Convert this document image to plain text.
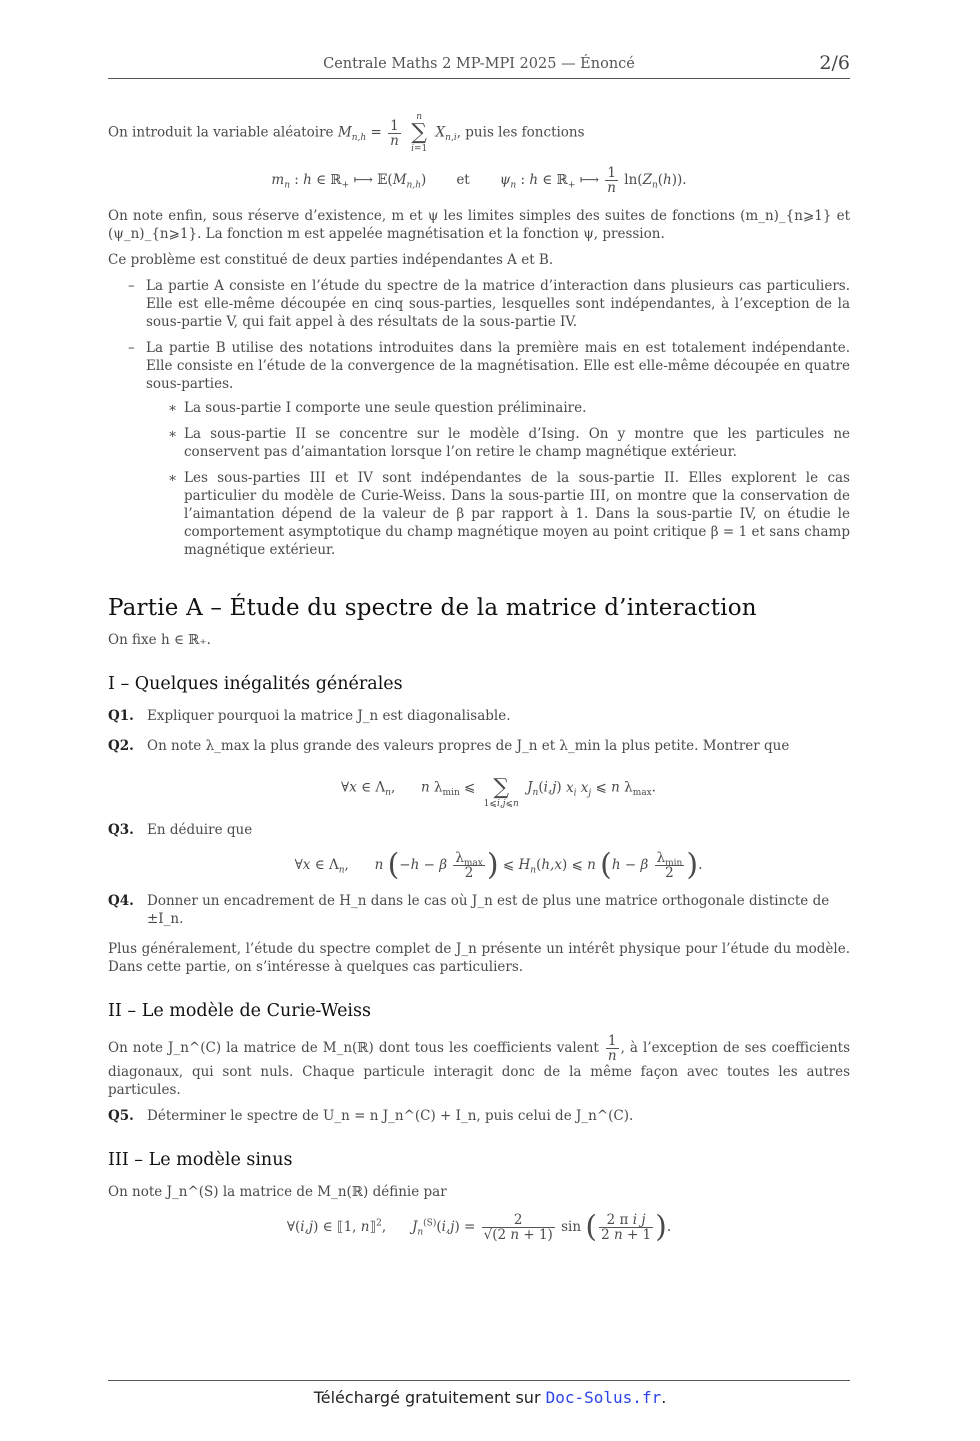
Centrale Maths 2 MP-MPI 2025 — Énoncé	2/6

On introduit la variable aléatoire $M_{n,h} = \frac{1}{n}$

n
∑
i=1
$X_{n,i}$, puis les fonctions

$m_n$ : h ∈ ℝ$_+$ ⟼ $𝔼(M_{n,h})$       et $\psi_n$ : h ∈ ℝ$_+$ ⟼ $\frac{1}{n} \ln(Z_n(h))$.

On note enfin, sous réserve d’existence, m et ψ les limites simples des suites de fonctions (m_n)_{n⩾1} et (ψ_n)_{n⩾1}. La fonction m est appelée magnétisation et la fonction ψ, pression.

Ce problème est constitué de deux parties indépendantes A et B.

– La partie A consiste en l’étude du spectre de la matrice d’interaction dans plusieurs cas particuliers. Elle est elle-même découpée en cinq sous-parties, lesquelles sont indépendantes, à l’exception de la sous-partie V, qui fait appel à des résultats de la sous-partie IV.
– La partie B utilise des notations introduites dans la première mais en est totalement indépendante. Elle consiste en l’étude de la convergence de la magnétisation. Elle est elle-même découpée en quatre sous-parties.
∗ La sous-partie I comporte une seule question préliminaire.
∗ La sous-partie II se concentre sur le modèle d’Ising. On y montre que les particules ne conservent pas d’aimantation lorsque l’on retire le champ magnétique extérieur.
∗ Les sous-parties III et IV sont indépendantes de la sous-partie II. Elles explorent le cas particulier du modèle de Curie-Weiss. Dans la sous-partie III, on montre que la conservation de l’aimantation dépend de la valeur de β par rapport à 1. Dans la sous-partie IV, on étudie le comportement asymptotique du champ magnétique moyen au point critique β = 1 et sans champ magnétique extérieur.
Partie A – Étude du spectre de la matrice d’interaction

On fixe h ∈ ℝ₊.

I – Quelques inégalités générales
Q1. Expliquer pourquoi la matrice J_n est diagonalisable.
Q2. On note λ_max la plus grande des valeurs propres de J_n et λ_min la plus petite. Montrer que
∀x ∈ $\Lambda_n$,      n $\lambda_{min}$ ⩽
∑
1⩽i,j⩽n
$J_n(i,j)$ $x_i$ $x_j$ ⩽ n $\lambda_{max}$.
Q3. En déduire que
∀x ∈ $\Lambda_n$,      n (−h − β $\frac{\lambda_{max}}{2}$ ) ⩽ $H_n(h,x)$ ⩽ n (h − β $\frac{\lambda_{min}}{2}$ ).
Q4. Donner un encadrement de H_n dans le cas où J_n est de plus une matrice orthogonale distincte de ±I_n.

Plus généralement, l’étude du spectre complet de J_n présente un intérêt physique pour l’étude du modèle. Dans cette partie, on s’intéresse à quelques cas particuliers.

II – Le modèle de Curie-Weiss

On note J_n^(C) la matrice de M_n(ℝ) dont tous les coefficients valent $\frac{1}{n}$ , à l’exception de ses coefficients diagonaux, qui sont nuls. Chaque particule interagit donc de la même façon avec toutes les autres particules.

Q5. Déterminer le spectre de U_n = n J_n^(C) + I_n, puis celui de J_n^(C).
III – Le modèle sinus

On note J_n^(S) la matrice de M_n(ℝ) définie par

∀(i,j) ∈ ⟦1, n⟧$^2$,      $J_n^{(S)}(i,j) = \frac{2}{√(2 n + 1)}$ sin ( $\frac{\text{2 π i j}}{2 n + 1}$ ).
Téléchargé gratuitement sur Doc-Solus.fr.
